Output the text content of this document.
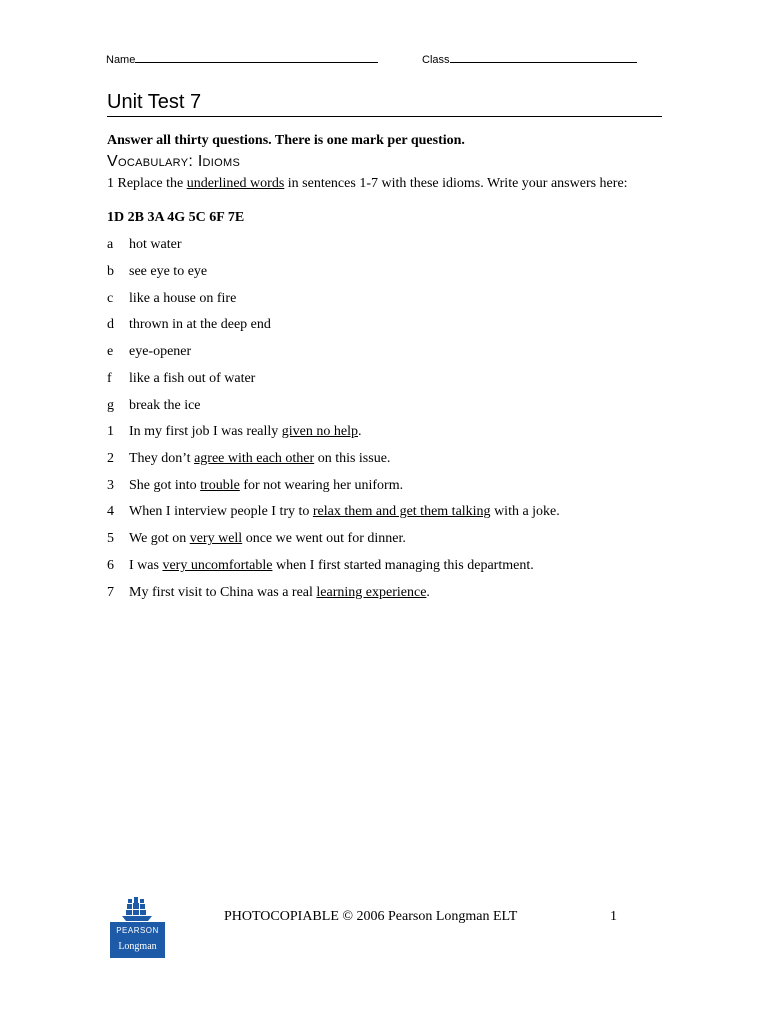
Name	Class
Unit Test 7
Answer all thirty questions. There is one mark per question.
Vocabulary: Idioms
1 Replace the underlined words in sentences 1-7 with these idioms. Write your answers here:
1D 2B 3A 4G 5C 6F 7E
a hot water
b see eye to eye
c like a house on fire
d thrown in at the deep end
e eye-opener
f like a fish out of water
g break the ice
1 In my first job I was really given no help.
2 They don’t agree with each other on this issue.
3 She got into trouble for not wearing her uniform.
4 When I interview people I try to relax them and get them talking with a joke.
5 We got on very well once we went out for dinner.
6 I was very uncomfortable when I first started managing this department.
7 My first visit to China was a real learning experience.
PEARSON
Longman
PHOTOCOPIABLE © 2006 Pearson Longman ELT	1
